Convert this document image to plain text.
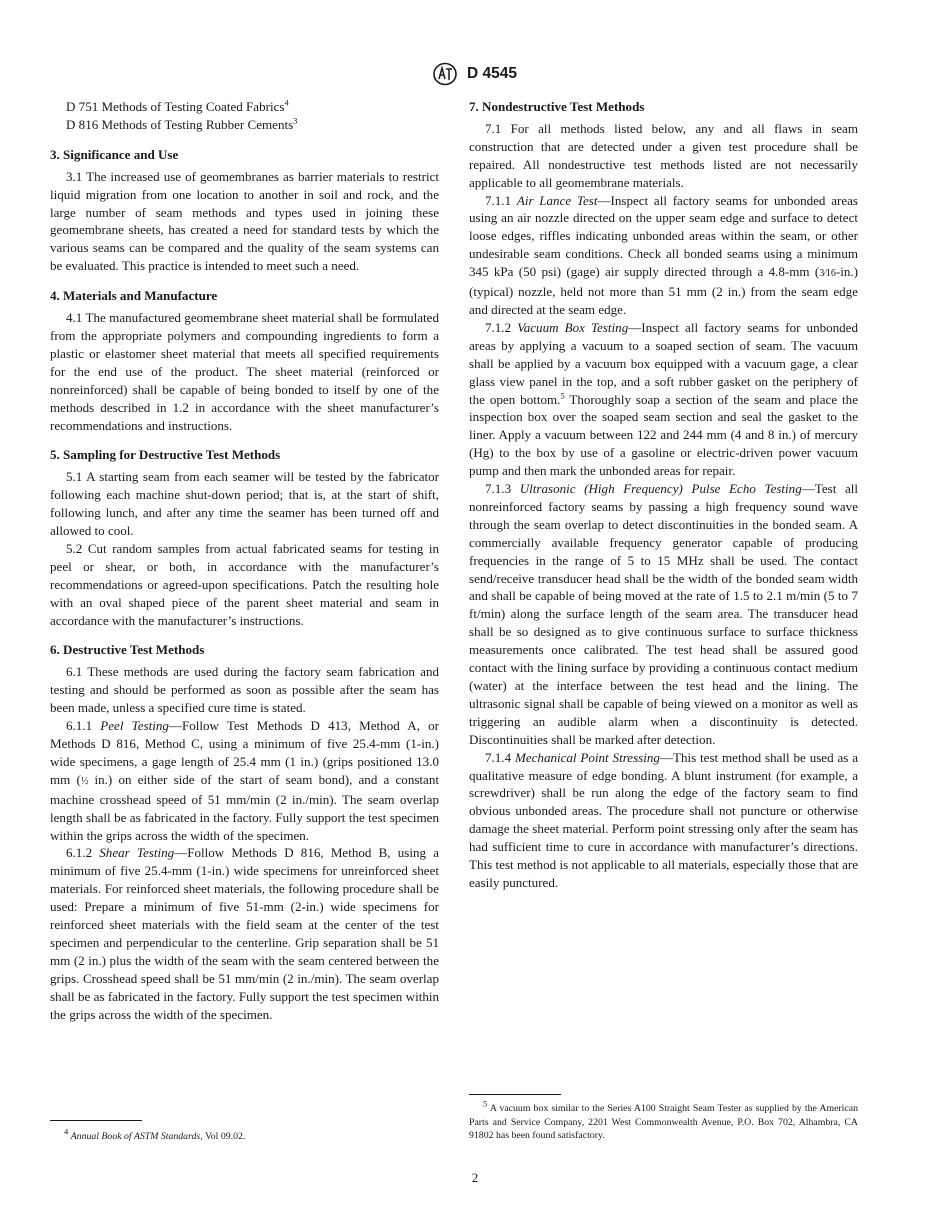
D 4545
D 751 Methods of Testing Coated Fabrics$^4$
D 816 Methods of Testing Rubber Cements$^3$
3. Significance and Use

3.1 The increased use of geomembranes as barrier materials to restrict liquid migration from one location to another in soil and rock, and the large number of seam methods and types used in joining these geomembrane sheets, has created a need for standard tests by which the various seams can be compared and the quality of the seam systems can be evaluated. This practice is intended to meet such a need.

4. Materials and Manufacture

4.1 The manufactured geomembrane sheet material shall be formulated from the appropriate polymers and compounding ingredients to form a plastic or elastomer sheet material that meets all specified requirements for the end use of the product. The sheet material (reinforced or nonreinforced) shall be capable of being bonded to itself by one of the methods described in 1.2 in accordance with the sheet manufacturer’s recommendations and instructions.

5. Sampling for Destructive Test Methods

5.1 A starting seam from each seamer will be tested by the fabricator following each machine shut-down period; that is, at the start of shift, following lunch, and after any time the seamer has been turned off and allowed to cool.

5.2 Cut random samples from actual fabricated seams for testing in peel or shear, or both, in accordance with the manufacturer’s recommendations or agreed-upon specifications. Patch the resulting hole with an oval shaped piece of the parent sheet material and seam in accordance with the manufacturer’s instructions.

6. Destructive Test Methods

6.1 These methods are used during the factory seam fabrication and testing and should be performed as soon as possible after the seam has been made, unless a specified cure time is stated.

6.1.1 Peel Testing—Follow Test Methods D 413, Method A, or Methods D 816, Method C, using a minimum of five 25.4-mm (1-in.) wide specimens, a gage length of 25.4 mm (1 in.) (grips positioned 13.0 mm (½ in.) on either side of the start of seam bond), and a constant machine crosshead speed of 51 mm/min (2 in./min). The seam overlap length shall be as fabricated in the factory. Fully support the test specimen within the grips across the width of the specimen.

6.1.2 Shear Testing—Follow Methods D 816, Method B, using a minimum of five 25.4-mm (1-in.) wide specimens for unreinforced sheet materials. For reinforced sheet materials, the following procedure shall be used: Prepare a minimum of five 51-mm (2-in.) wide specimens for reinforced sheet materials with the field seam at the center of the test specimen and perpendicular to the centerline. Grip separation shall be 51 mm (2 in.) plus the width of the seam with the seam centered between the grips. Crosshead speed shall be 51 mm/min (2 in./min). The seam overlap shall be as fabricated in the factory. Fully support the test specimen within the grips across the width of the specimen.

7. Nondestructive Test Methods

7.1 For all methods listed below, any and all flaws in seam construction that are detected under a given test procedure shall be repaired. All nondestructive test methods listed are not necessarily applicable to all geomembrane materials.

7.1.1 Air Lance Test—Inspect all factory seams for unbonded areas using an air nozzle directed on the upper seam edge and surface to detect loose edges, riffles indicating unbonded areas within the seam, or other undesirable seam conditions. Check all bonded seams using a minimum 345 kPa (50 psi) (gage) air supply directed through a 4.8-mm (3⁄16-in.) (typical) nozzle, held not more than 51 mm (2 in.) from the seam edge and directed at the seam edge.

7.1.2 Vacuum Box Testing—Inspect all factory seams for unbonded areas by applying a vacuum to a soaped section of seam. The vacuum shall be applied by a vacuum box equipped with a vacuum gage, a clear glass view panel in the top, and a soft rubber gasket on the periphery of the open bottom.$^5$ Thoroughly soap a section of the seam and place the inspection box over the soaped seam section and seal the gasket to the liner. Apply a vacuum between 122 and 244 mm (4 and 8 in.) of mercury (Hg) to the box by use of a gasoline or electric-driven power vacuum pump and then mark the unbonded areas for repair.

7.1.3 Ultrasonic (High Frequency) Pulse Echo Testing—Test all nonreinforced factory seams by passing a high frequency sound wave through the seam overlap to detect discontinuities in the bonded seam. A commercially available frequency generator capable of producing frequencies in the range of 5 to 15 MHz shall be used. The contact send/receive transducer head shall be the width of the bonded seam width and shall be capable of being moved at the rate of 1.5 to 2.1 m/min (5 to 7 ft/min) along the surface length of the seam area. The transducer head shall be so designed as to give continuous surface to surface thickness measurements once calibrated. The test head shall be assured good contact with the lining surface by providing a continuous contact medium (water) at the interface between the test head and the lining. The ultrasonic signal shall be capable of being viewed on a monitor as well as triggering an audible alarm when a discontinuity is detected. Discontinuities shall be marked after detection.

7.1.4 Mechanical Point Stressing—This test method shall be used as a qualitative measure of edge bonding. A blunt instrument (for example, a screwdriver) shall be run along the edge of the factory seam to find obvious unbonded areas. The procedure shall not puncture or otherwise damage the sheet material. Perform point stressing only after the seam has had sufficient time to cure in accordance with manufacturer’s directions. This test method is not applicable to all materials, especially those that are easily punctured.

$^4$ Annual Book of ASTM Standards, Vol 09.02.
$^5$ A vacuum box similar to the Series A100 Straight Seam Tester as supplied by the American Parts and Service Company, 2201 West Commonwealth Avenue, P.O. Box 702, Alhambra, CA 91802 has been found satisfactory.
2
